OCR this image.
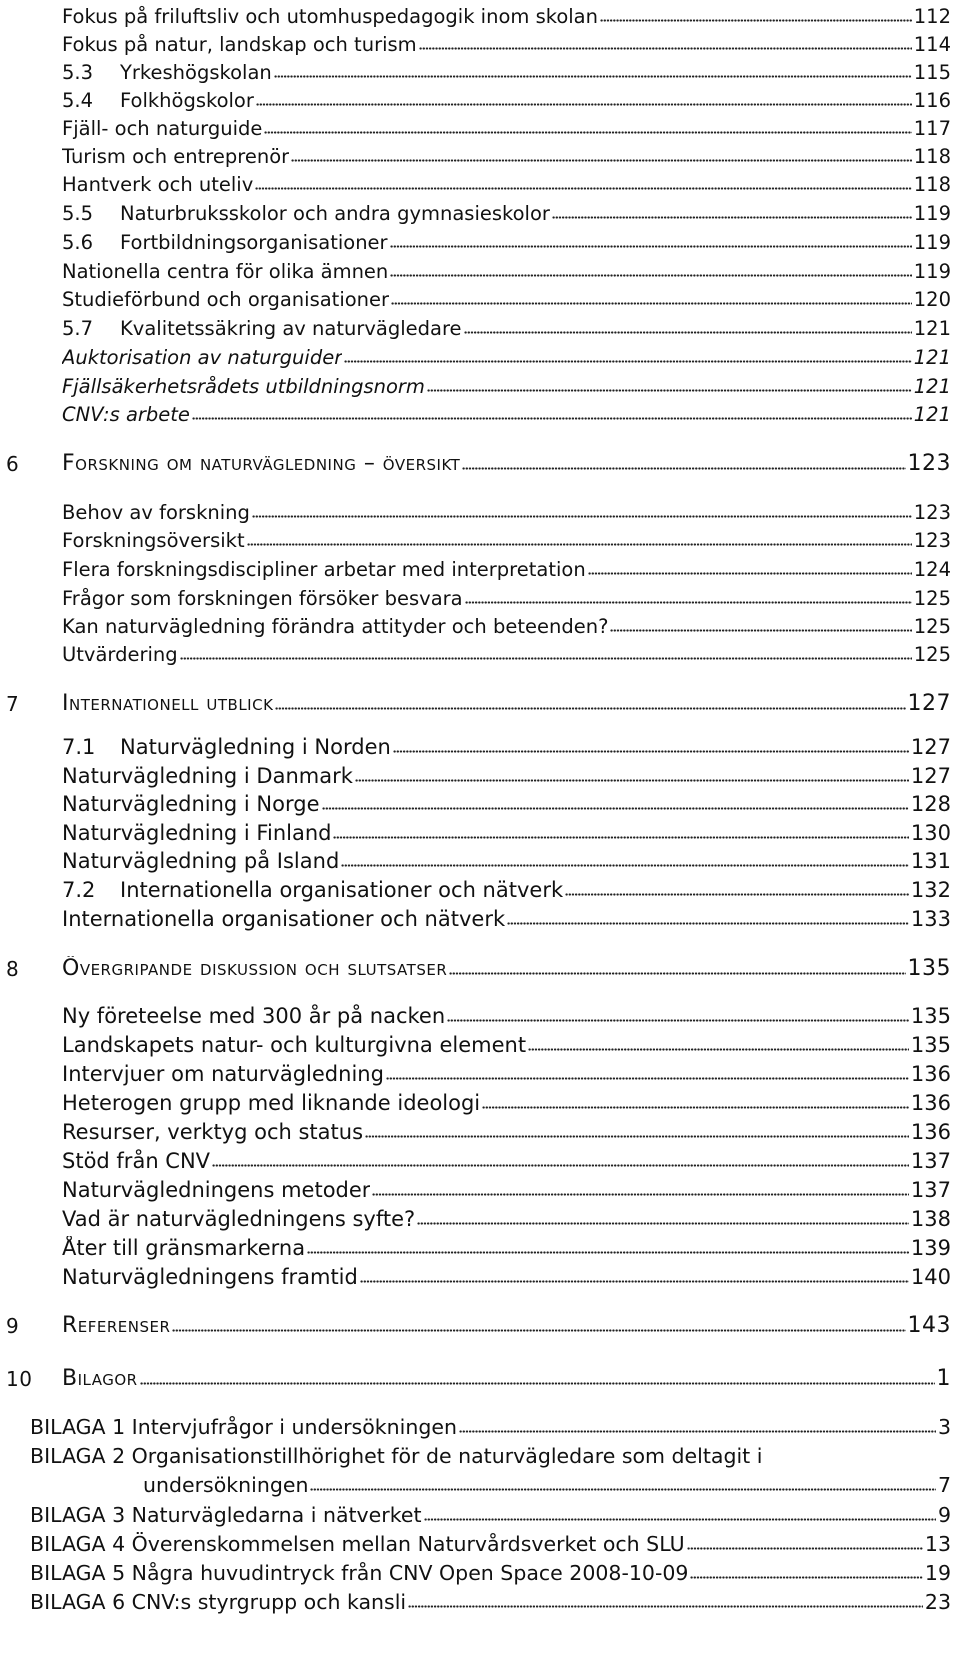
Fokus på friluftsliv och utomhuspedagogik inom skolan	112
Fokus på natur, landskap och turism	114
5.3 Yrkeshögskolan	115
5.4 Folkhögskolor	116
Fjäll- och naturguide	117
Turism och entreprenör	118
Hantverk och uteliv	118
5.5 Naturbruksskolor och andra gymnasieskolor	119
5.6 Fortbildningsorganisationer	119
Nationella centra för olika ämnen	119
Studieförbund och organisationer	120
5.7 Kvalitetssäkring av naturvägledare	121
Auktorisation av naturguider	121
Fjällsäkerhetsrådets utbildningsnorm	121
CNV:s arbete	121
6 Forskning om naturvägledning – översikt	123
Behov av forskning	123
Forskningsöversikt	123
Flera forskningsdiscipliner arbetar med interpretation	124
Frågor som forskningen försöker besvara	125
Kan naturvägledning förändra attityder och beteenden?	125
Utvärdering	125
7 Internationell utblick	127
7.1 Naturvägledning i Norden	127
Naturvägledning i Danmark	127
Naturvägledning i Norge	128
Naturvägledning i Finland	130
Naturvägledning på Island	131
7.2 Internationella organisationer och nätverk	132
Internationella organisationer och nätverk	133
8 Övergripande diskussion och slutsatser	135
Ny företeelse med 300 år på nacken	135
Landskapets natur- och kulturgivna element	135
Intervjuer om naturvägledning	136
Heterogen grupp med liknande ideologi	136
Resurser, verktyg och status	136
Stöd från CNV	137
Naturvägledningens metoder	137
Vad är naturvägledningens syfte?	138
Åter till gränsmarkerna	139
Naturvägledningens framtid	140
9 Referenser	143
10 Bilagor	1
BILAGA 1 Intervjufrågor i undersökningen	3
BILAGA 2 Organisationstillhörighet för de naturvägledare som deltagit i
undersökningen	7
BILAGA 3 Naturvägledarna i nätverket	9
BILAGA 4 Överenskommelsen mellan Naturvårdsverket och SLU	13
BILAGA 5 Några huvudintryck från CNV Open Space 2008-10-09	19
BILAGA 6 CNV:s styrgrupp och kansli	23
